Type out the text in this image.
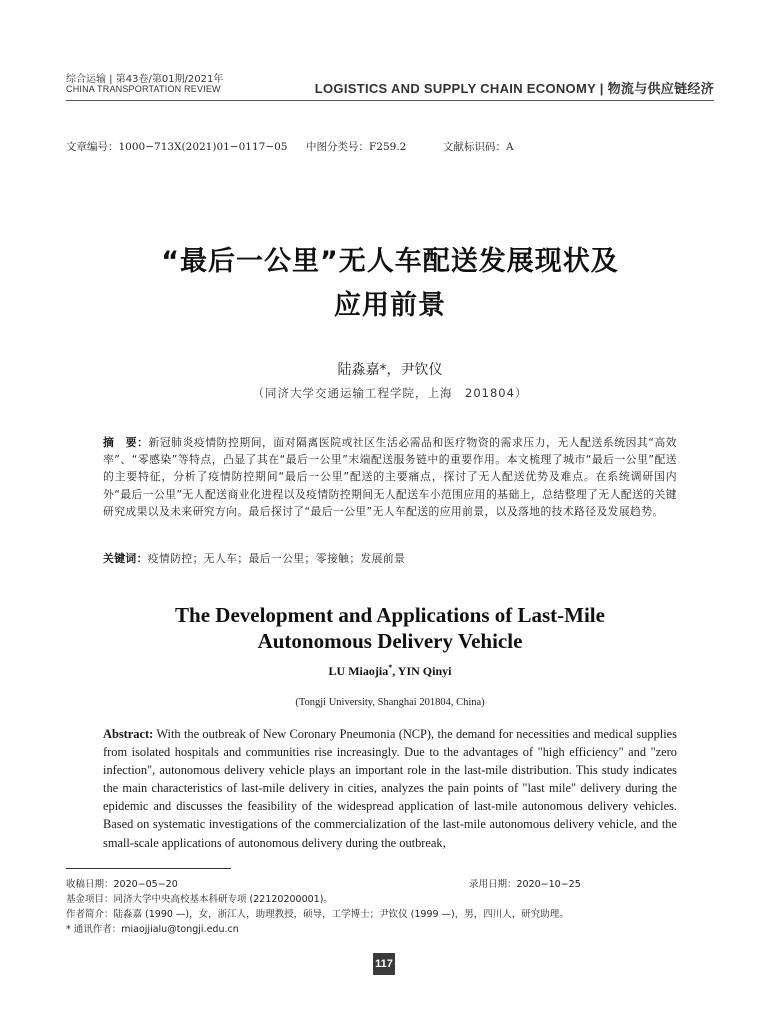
综合运输 | 第43卷/第01期/2021年
CHINA TRANSPORTATION REVIEW	LOGISTICS AND SUPPLY CHAIN ECONOMY | 物流与供应链经济
文章编号：1000−713X(2021)01−0117−05 中图分类号：F259.2	文献标识码：A
“最后一公里”无人车配送发展现状及
应用前景
陆淼嘉*，尹钦仪
（同济大学交通运输工程学院，上海　201804）
摘　要：新冠肺炎疫情防控期间，面对隔离医院或社区生活必需品和医疗物资的需求压力，无人配送系统因其“高效率”、“零感染”等特点，凸显了其在“最后一公里”末端配送服务链中的重要作用。本文梳理了城市“最后一公里”配送的主要特征，分析了疫情防控期间“最后一公里”配送的主要痛点，探讨了无人配送优势及难点。在系统调研国内外“最后一公里”无人配送商业化进程以及疫情防控期间无人配送车小范围应用的基础上，总结整理了无人配送的关键研究成果以及未来研究方向。最后探讨了“最后一公里”无人车配送的应用前景，以及落地的技术路径及发展趋势。
关键词：疫情防控；无人车；最后一公里；零接触；发展前景
The Development and Applications of Last-Mile
Autonomous Delivery Vehicle
LU Miaojia*, YIN Qinyi
(Tongji University, Shanghai 201804, China)
Abstract: With the outbreak of New Coronary Pneumonia (NCP), the demand for necessities and medical supplies from isolated hospitals and communities rise increasingly. Due to the advantages of "high efficiency" and "zero infection", autonomous delivery vehicle plays an important role in the last-mile distribution. This study indicates the main characteristics of last-mile delivery in cities, analyzes the pain points of "last mile" delivery during the epidemic and discusses the feasibility of the widespread application of last-mile autonomous delivery vehicles. Based on systematic investigations of the commercialization of the last-mile autonomous delivery vehicle, and the small-scale applications of autonomous delivery during the outbreak,
收稿日期：2020−05−20	录用日期：2020−10−25
基金项目：同济大学中央高校基本科研专项 (22120200001)。
作者简介：陆淼嘉 (1990 —)，女，浙江人，助理教授，硕导，工学博士；尹钦仪 (1999 —)，男，四川人，研究助理。
* 通讯作者：miaojjialu@tongji.edu.cn
117
